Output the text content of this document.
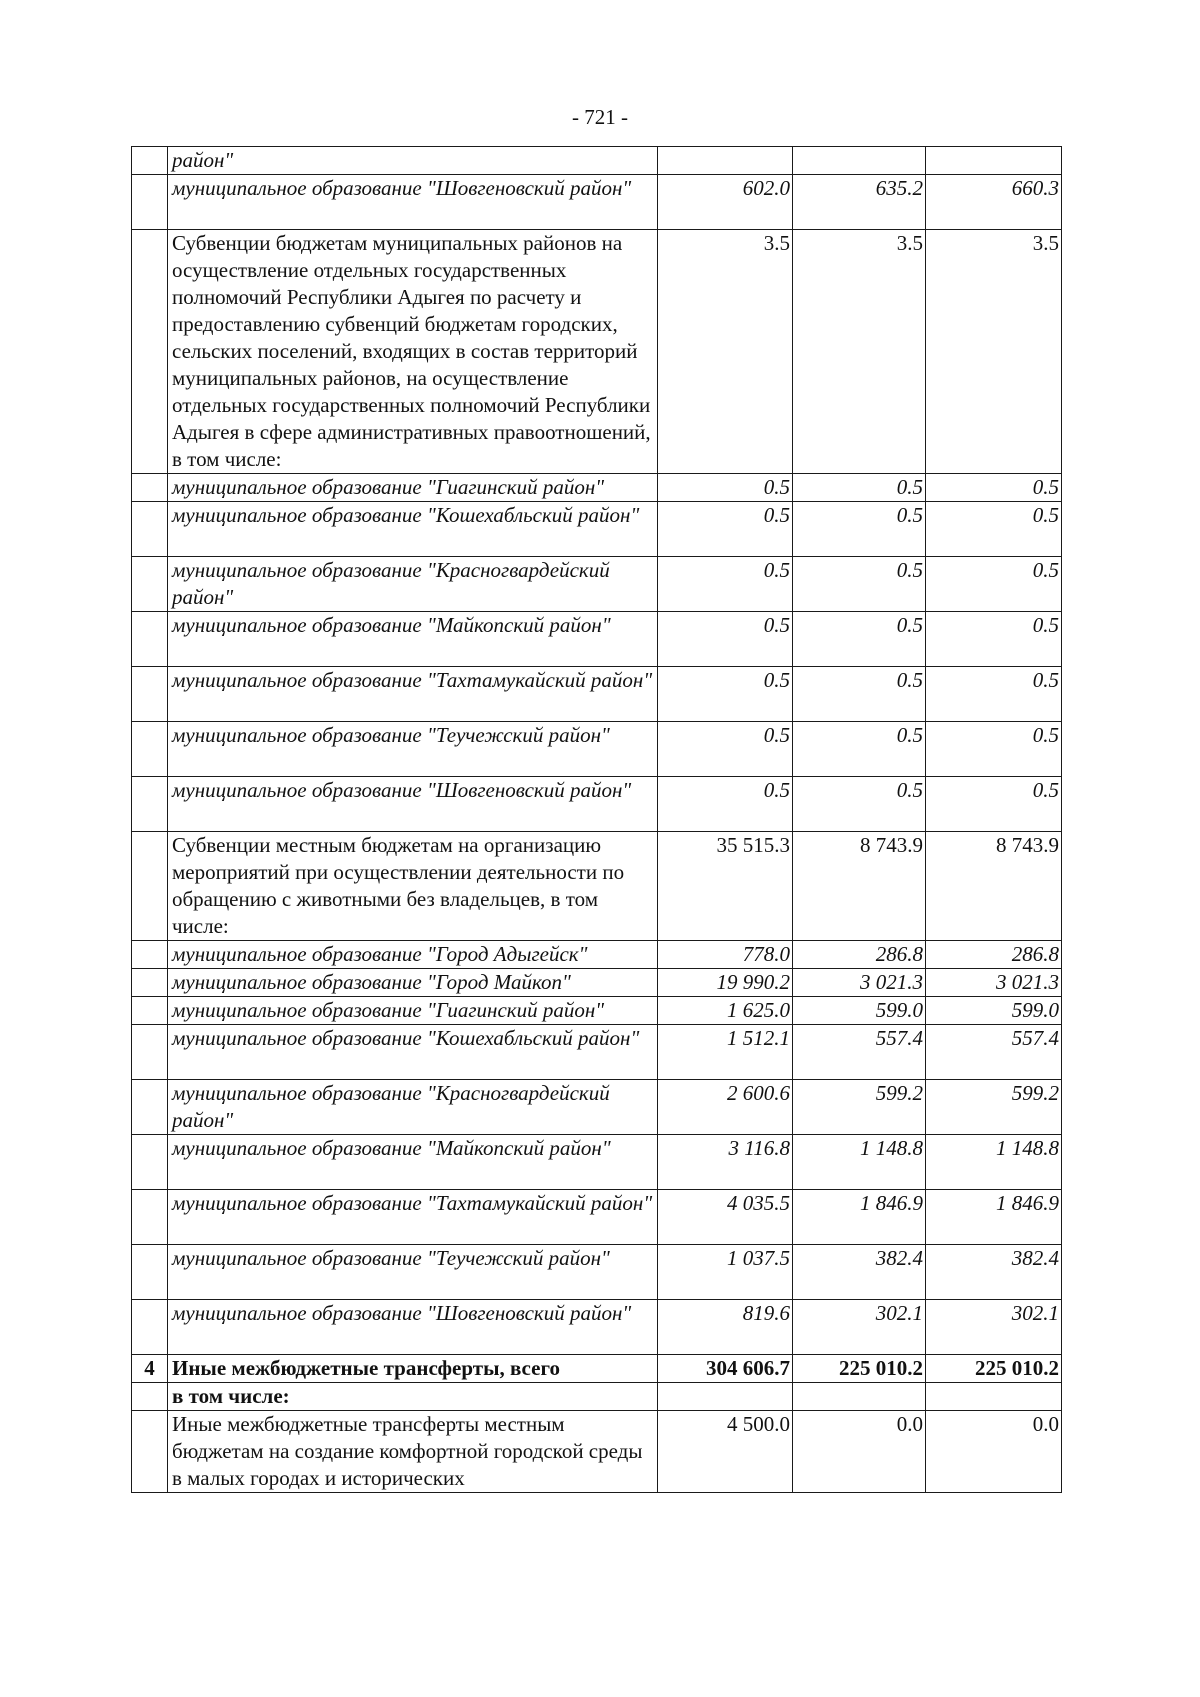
- 721 -
	район"			
	муниципальное образование "Шовгеновский район"	602.0	635.2	660.3
	Субвенции бюджетам муниципальных районов на осуществление отдельных государственных полномочий Республики Адыгея по расчету и предоставлению субвенций бюджетам городских, сельских поселений, входящих в состав территорий муниципальных районов, на осуществление отдельных государственных полномочий Республики Адыгея в сфере административных правоотношений, в том числе:	3.5	3.5	3.5
	муниципальное образование "Гиагинский район"	0.5	0.5	0.5
	муниципальное образование "Кошехабльский район"	0.5	0.5	0.5
	муниципальное образование "Красногвардейский район"	0.5	0.5	0.5
	муниципальное образование "Майкопский район"	0.5	0.5	0.5
	муниципальное образование "Тахтамукайский район"	0.5	0.5	0.5
	муниципальное образование "Теучежский район"	0.5	0.5	0.5
	муниципальное образование "Шовгеновский район"	0.5	0.5	0.5
	Субвенции местным бюджетам на организацию мероприятий при осуществлении деятельности по обращению с животными без владельцев, в том числе:	35 515.3	8 743.9	8 743.9
	муниципальное образование "Город Адыгейск"	778.0	286.8	286.8
	муниципальное образование "Город Майкоп"	19 990.2	3 021.3	3 021.3
	муниципальное образование "Гиагинский район"	1 625.0	599.0	599.0
	муниципальное образование "Кошехабльский район"	1 512.1	557.4	557.4
	муниципальное образование "Красногвардейский район"	2 600.6	599.2	599.2
	муниципальное образование "Майкопский район"	3 116.8	1 148.8	1 148.8
	муниципальное образование "Тахтамукайский район"	4 035.5	1 846.9	1 846.9
	муниципальное образование "Теучежский район"	1 037.5	382.4	382.4
	муниципальное образование "Шовгеновский район"	819.6	302.1	302.1
4	Иные межбюджетные трансферты, всего	304 606.7	225 010.2	225 010.2
	в том числе:			
	Иные межбюджетные трансферты местным бюджетам на создание комфортной городской среды в малых городах и исторических	4 500.0	0.0	0.0
